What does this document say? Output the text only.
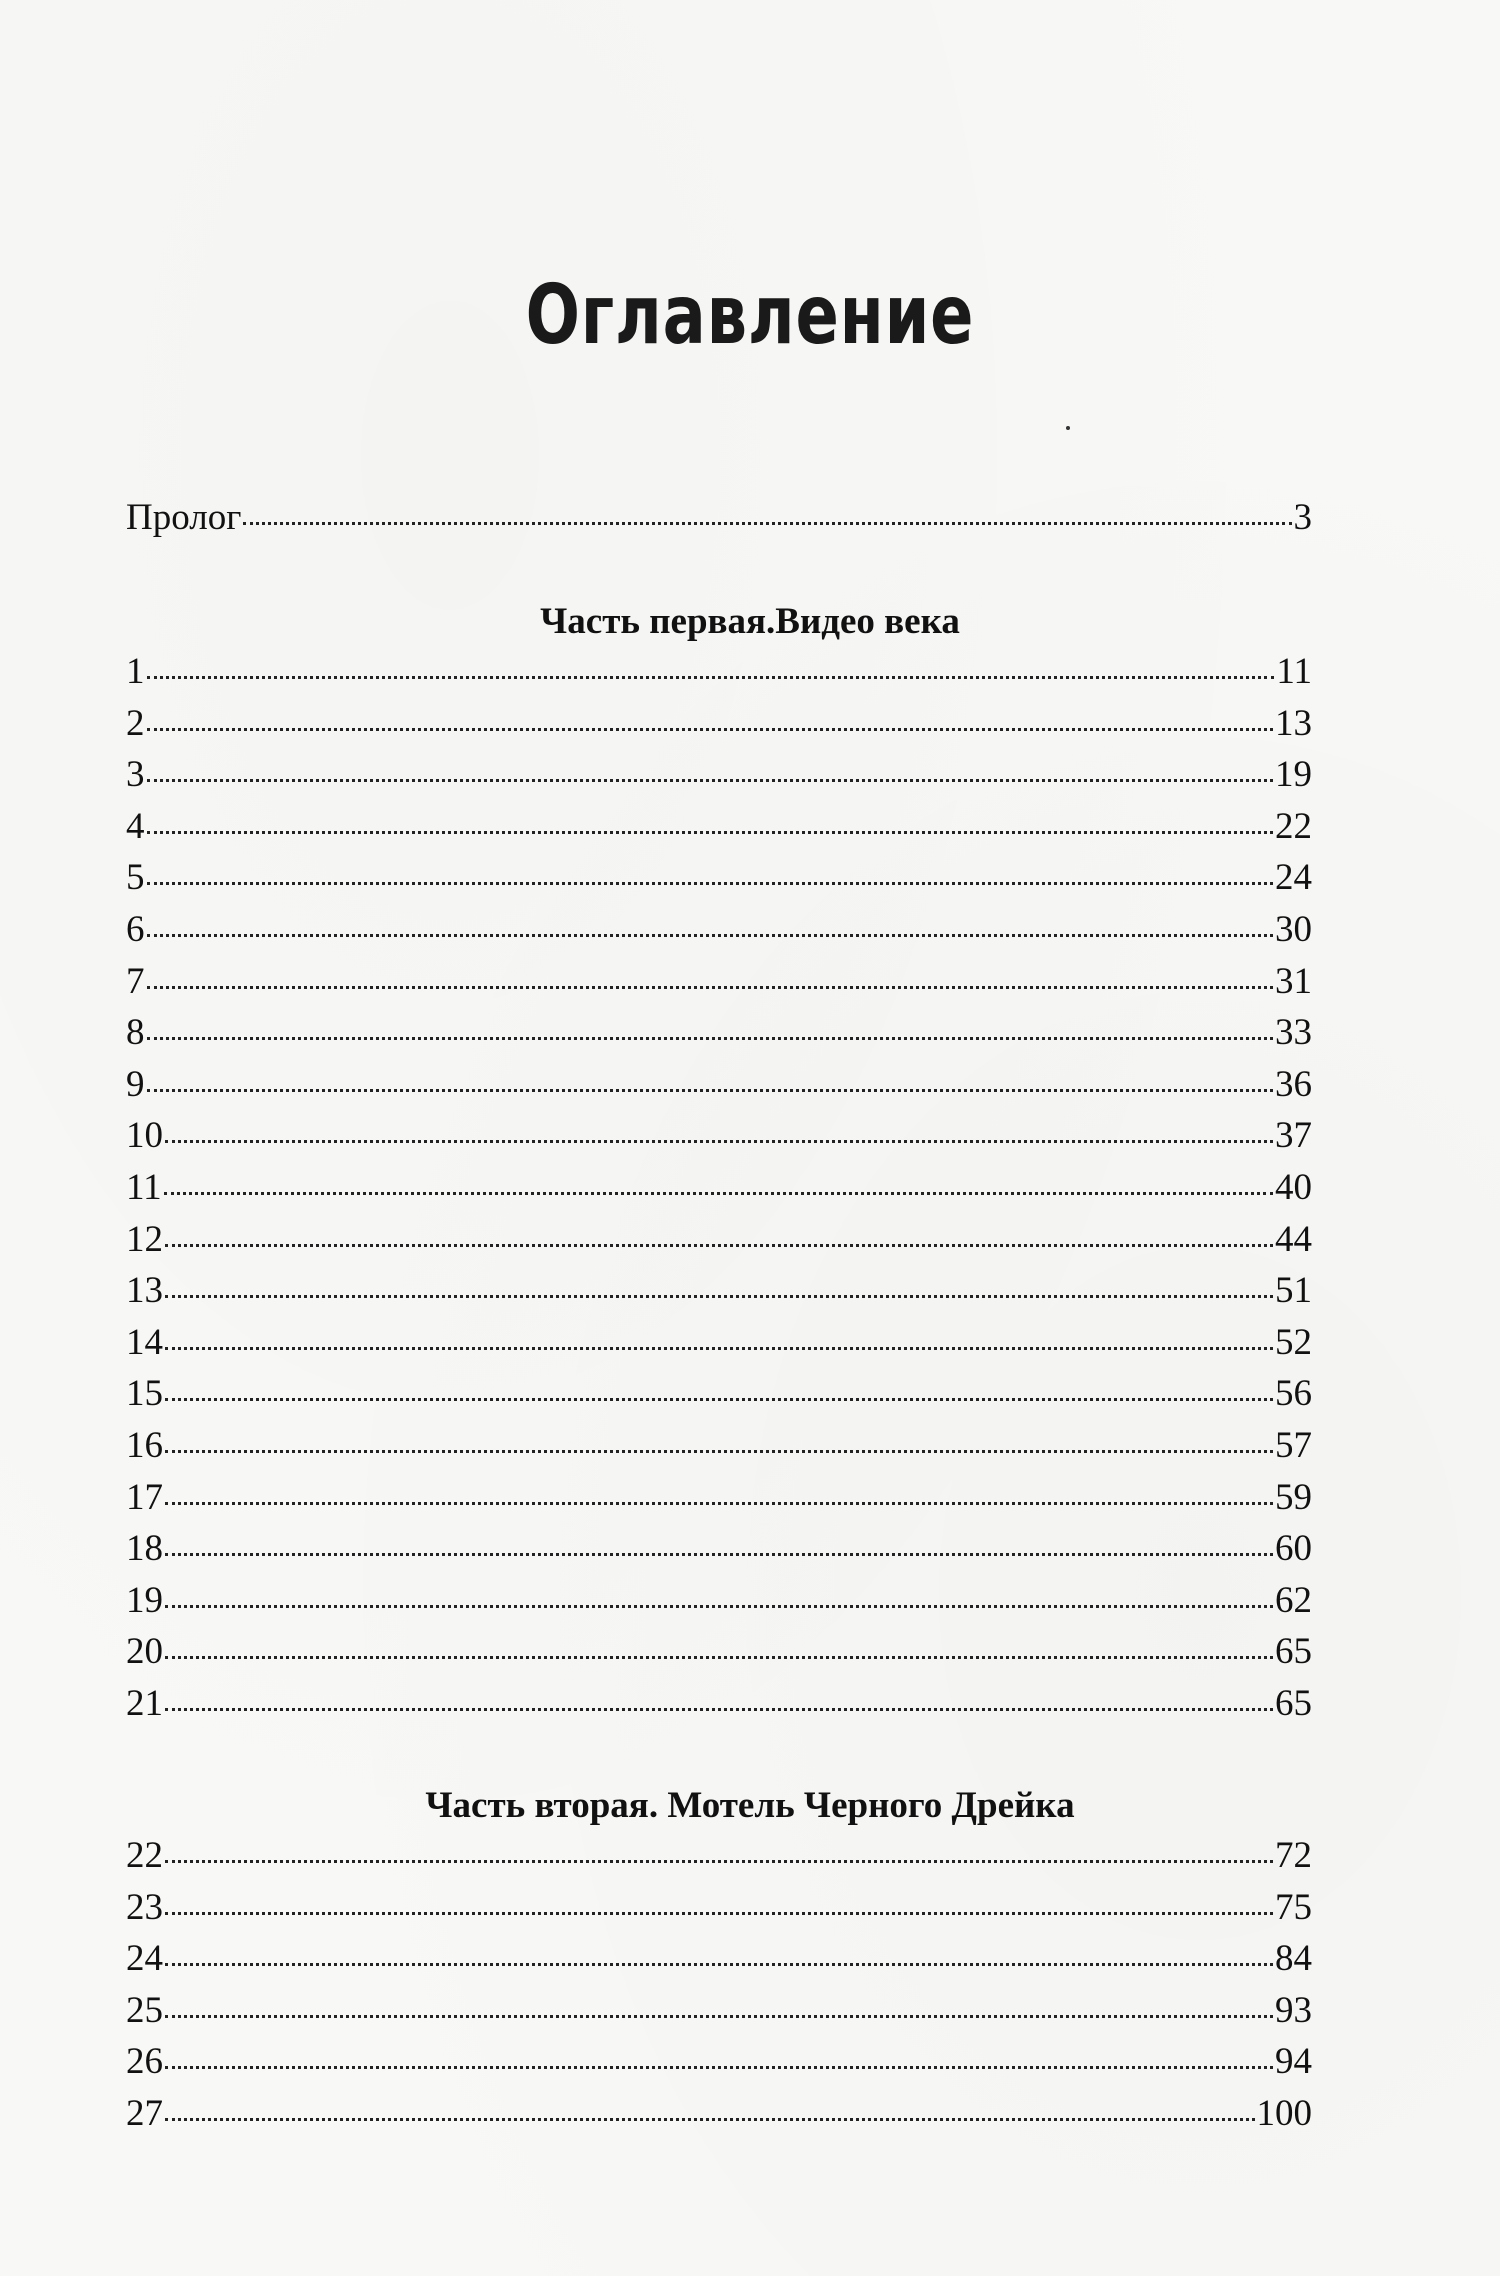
Оглавление
Пролог	3
Часть первая.Видео века
1	11
2	13
3	19
4	22
5	24
6	30
7	31
8	33
9	36
10	37
11	40
12	44
13	51
14	52
15	56
16	57
17	59
18	60
19	62
20	65
21	65
Часть вторая. Мотель Черного Дрейка
22	72
23	75
24	84
25	93
26	94
27	100
